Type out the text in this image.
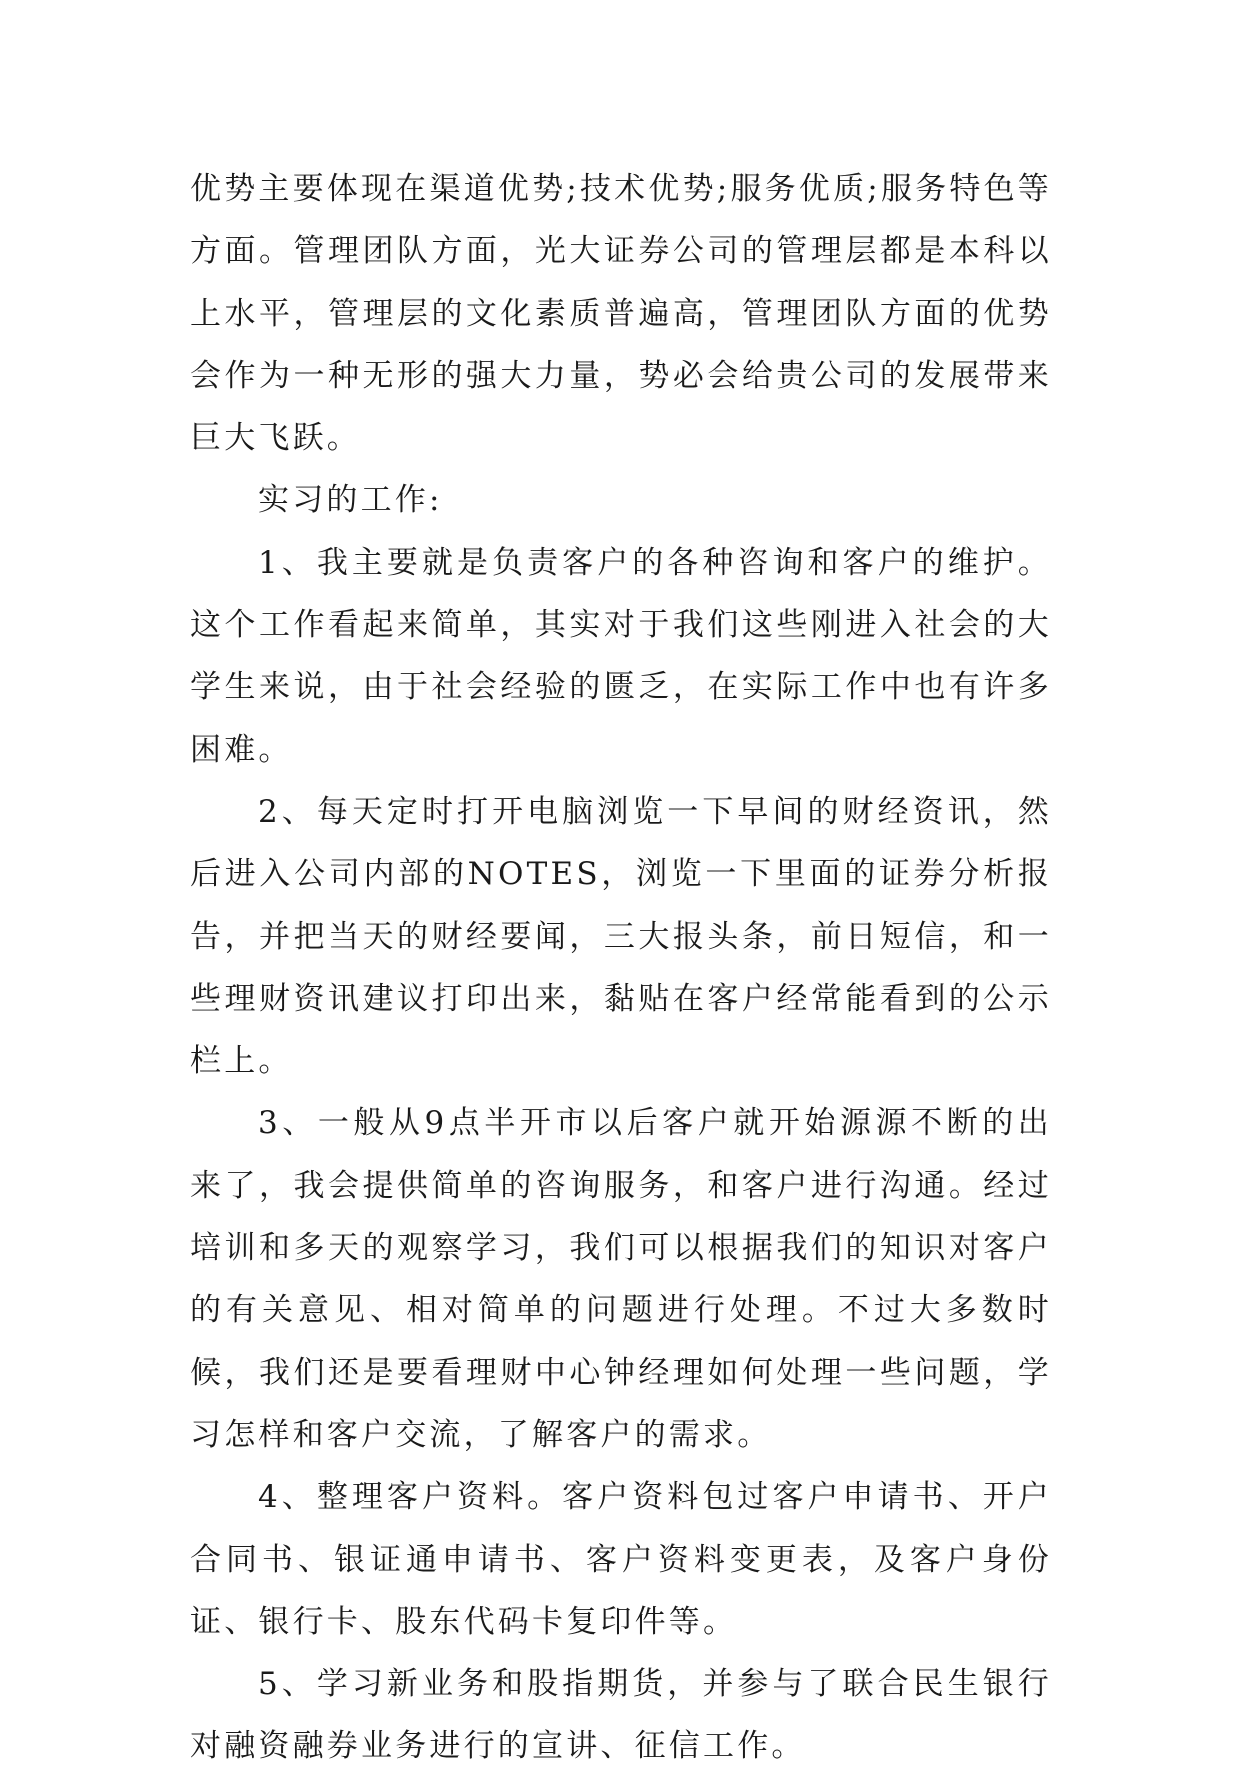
优势主要体现在渠道优势;技术优势;服务优质;服务特色等方面。管理团队方面，光大证券公司的管理层都是本科以上水平，管理层的文化素质普遍高，管理团队方面的优势会作为一种无形的强大力量，势必会给贵公司的发展带来巨大飞跃。

实习的工作:

1、我主要就是负责客户的各种咨询和客户的维护。这个工作看起来简单，其实对于我们这些刚进入社会的大学生来说，由于社会经验的匮乏，在实际工作中也有许多困难。

2、每天定时打开电脑浏览一下早间的财经资讯，然后进入公司内部的NOTES，浏览一下里面的证券分析报告，并把当天的财经要闻，三大报头条，前日短信，和一些理财资讯建议打印出来，黏贴在客户经常能看到的公示栏上。

3、一般从9点半开市以后客户就开始源源不断的出来了，我会提供简单的咨询服务，和客户进行沟通。经过培训和多天的观察学习，我们可以根据我们的知识对客户的有关意见、相对简单的问题进行处理。不过大多数时候，我们还是要看理财中心钟经理如何处理一些问题，学习怎样和客户交流，了解客户的需求。

4、整理客户资料。客户资料包过客户申请书、开户合同书、银证通申请书、客户资料变更表，及客户身份证、银行卡、股东代码卡复印件等。

5、学习新业务和股指期货，并参与了联合民生银行对融资融券业务进行的宣讲、征信工作。
